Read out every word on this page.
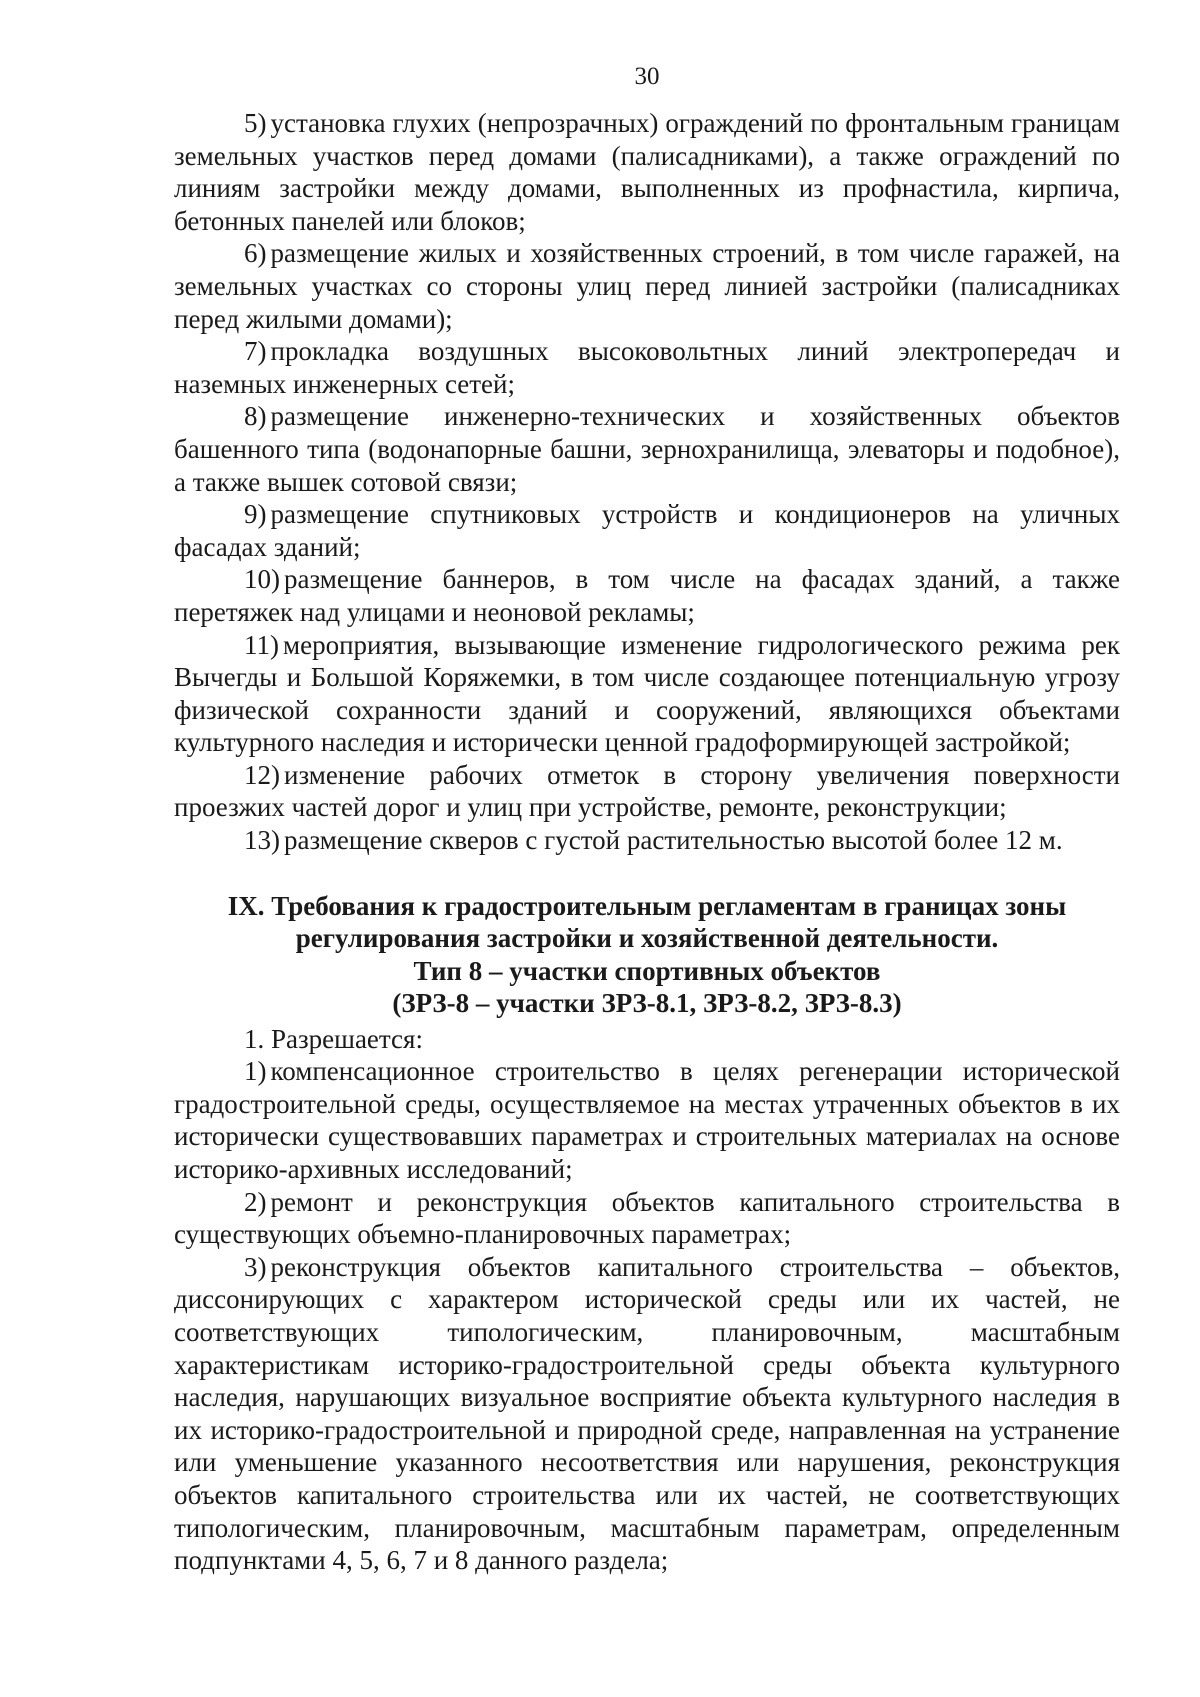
30

5) установка глухих (непрозрачных) ограждений по фронтальным границам земельных участков перед домами (палисадниками), а также ограждений по линиям застройки между домами, выполненных из профнастила, кирпича, бетонных панелей или блоков;

6) размещение жилых и хозяйственных строений, в том числе гаражей, на земельных участках со стороны улиц перед линией застройки (палисадниках перед жилыми домами);

7) прокладка воздушных высоковольтных линий электропередач и наземных инженерных сетей;

8) размещение инженерно-технических и хозяйственных объектов башенного типа (водонапорные башни, зернохранилища, элеваторы и подобное), а также вышек сотовой связи;

9) размещение спутниковых устройств и кондиционеров на уличных фасадах зданий;

10) размещение баннеров, в том числе на фасадах зданий, а также перетяжек над улицами и неоновой рекламы;

11) мероприятия, вызывающие изменение гидрологического режима рек Вычегды и Большой Коряжемки, в том числе создающее потенциальную угрозу физической сохранности зданий и сооружений, являющихся объектами культурного наследия и исторически ценной градоформирующей застройкой;

12) изменение рабочих отметок в сторону увеличения поверхности проезжих частей дорог и улиц при устройстве, ремонте, реконструкции;

13) размещение скверов с густой растительностью высотой более 12 м.

IX. Требования к градостроительным регламентам в границах зоны

регулирования застройки и хозяйственной деятельности.

Тип 8 – участки спортивных объектов

(ЗРЗ-8 – участки ЗРЗ-8.1, ЗРЗ-8.2, ЗРЗ-8.3)

1. Разрешается:

1) компенсационное строительство в целях регенерации исторической градостроительной среды, осуществляемое на местах утраченных объектов в их исторически существовавших параметрах и строительных материалах на основе историко-архивных исследований;

2) ремонт и реконструкция объектов капитального строительства в существующих объемно-планировочных параметрах;

3) реконструкция объектов капитального строительства – объектов, диссонирующих с характером исторической среды или их частей, не соответствующих типологическим, планировочным, масштабным характеристикам историко-градостроительной среды объекта культурного наследия, нарушающих визуальное восприятие объекта культурного наследия в их историко-градостроительной и природной среде, направленная на устранение или уменьшение указанного несоответствия или нарушения, реконструкция объектов капитального строительства или их частей, не соответствующих типологическим, планировочным, масштабным параметрам, определенным подпунктами 4, 5, 6, 7 и 8 данного раздела;
